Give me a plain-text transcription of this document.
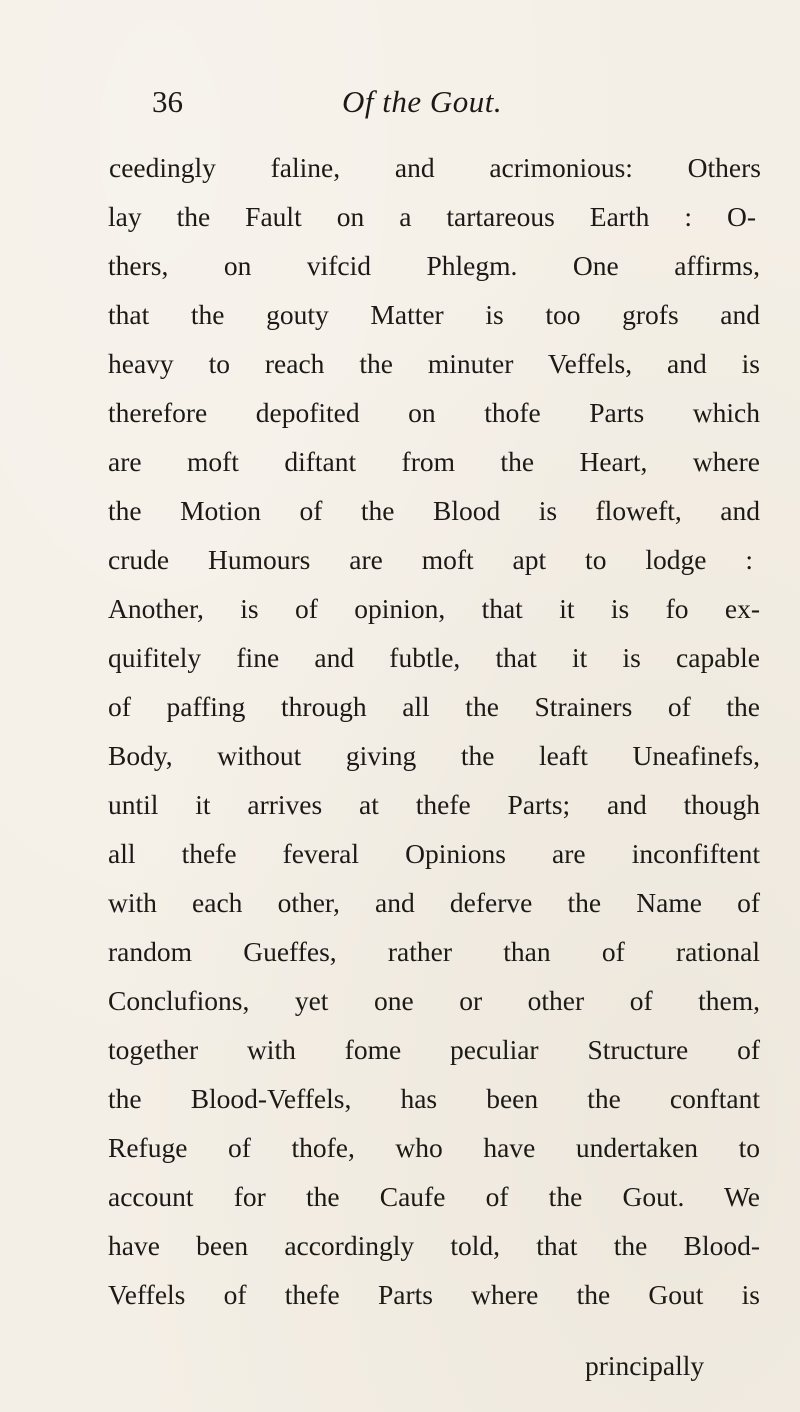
36	Of the Gout.
ceedingly faline, and acrimonious: Others
lay the Fault on a tartareous Earth : O-
thers, on vifcid Phlegm. One affirms,
that the gouty Matter is too grofs and
heavy to reach the minuter Veffels, and is
therefore depofited on thofe Parts which
are moft diftant from the Heart, where
the Motion of the Blood is floweft, and
crude Humours are moft apt to lodge :
Another, is of opinion, that it is fo ex-
quifitely fine and fubtle, that it is capable
of paffing through all the Strainers of the
Body, without giving the leaft Uneafinefs,
until it arrives at thefe Parts; and though
all thefe feveral Opinions are inconfiftent
with each other, and deferve the Name of
random Gueffes, rather than of rational
Conclufions, yet one or other of them,
together with fome peculiar Structure of
the Blood-Veffels, has been the conftant
Refuge of thofe, who have undertaken to
account for the Caufe of the Gout. We
have been accordingly told, that the Blood-
Veffels of thefe Parts where the Gout is
principally
